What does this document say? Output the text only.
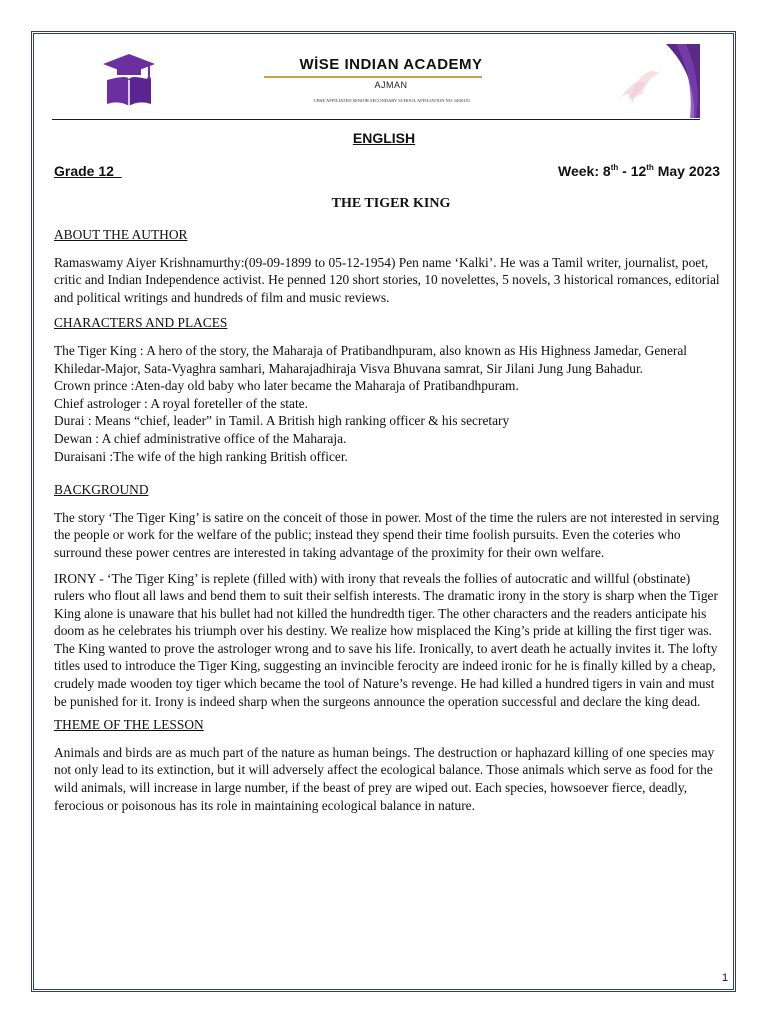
WİSE INDIAN ACADEMY
AJMAN
CBSE AFFILIATED SENIOR SECONDARY SCHOOL AFFILIATION NO: 6630101
ENGLISH
Grade 12	Week: 8th - 12th May 2023
THE TIGER KING
ABOUT THE AUTHOR

Ramaswamy Aiyer Krishnamurthy:(09-09-1899 to 05-12-1954) Pen name ‘Kalki’. He was a Tamil writer, journalist, poet, critic and Indian Independence activist. He penned 120 short stories, 10 novelettes, 5 novels, 3 historical romances, editorial and political writings and hundreds of film and music reviews.

CHARACTERS AND PLACES

The Tiger King : A hero of the story, the Maharaja of Pratibandhpuram, also known as His Highness Jamedar, General Khiledar-Major, Sata-Vyaghra samhari, Maharajadhiraja Visva Bhuvana samrat, Sir Jilani Jung Jung Bahadur.

Crown prince :Aten-day old baby who later became the Maharaja of Pratibandhpuram.

Chief astrologer : A royal foreteller of the state.

Durai : Means “chief, leader” in Tamil. A British high ranking officer & his secretary

Dewan : A chief administrative office of the Maharaja.

Duraisani :The wife of the high ranking British officer.

BACKGROUND

The story ‘The Tiger King’ is satire on the conceit of those in power. Most of the time the rulers are not interested in serving the people or work for the welfare of the public; instead they spend their time foolish pursuits. Even the coteries who surround these power centres are interested in taking advantage of the proximity for their own welfare.

IRONY - ‘The Tiger King’ is replete (filled with) with irony that reveals the follies of autocratic and willful (obstinate) rulers who flout all laws and bend them to suit their selfish interests. The dramatic irony in the story is sharp when the Tiger King alone is unaware that his bullet had not killed the hundredth tiger. The other characters and the readers anticipate his doom as he celebrates his triumph over his destiny. We realize how misplaced the King’s pride at killing the first tiger was. The King wanted to prove the astrologer wrong and to save his life. Ironically, to avert death he actually invites it. The lofty titles used to introduce the Tiger King, suggesting an invincible ferocity are indeed ironic for he is finally killed by a cheap, crudely made wooden toy tiger which became the tool of Nature’s revenge. He had killed a hundred tigers in vain and must be punished for it. Irony is indeed sharp when the surgeons announce the operation successful and declare the king dead.

THEME OF THE LESSON

Animals and birds are as much part of the nature as human beings. The destruction or haphazard killing of one species may not only lead to its extinction, but it will adversely affect the ecological balance. Those animals which serve as food for the wild animals, will increase in large number, if the beast of prey are wiped out. Each species, howsoever fierce, deadly, ferocious or poisonous has its role in maintaining ecological balance in nature.

1
